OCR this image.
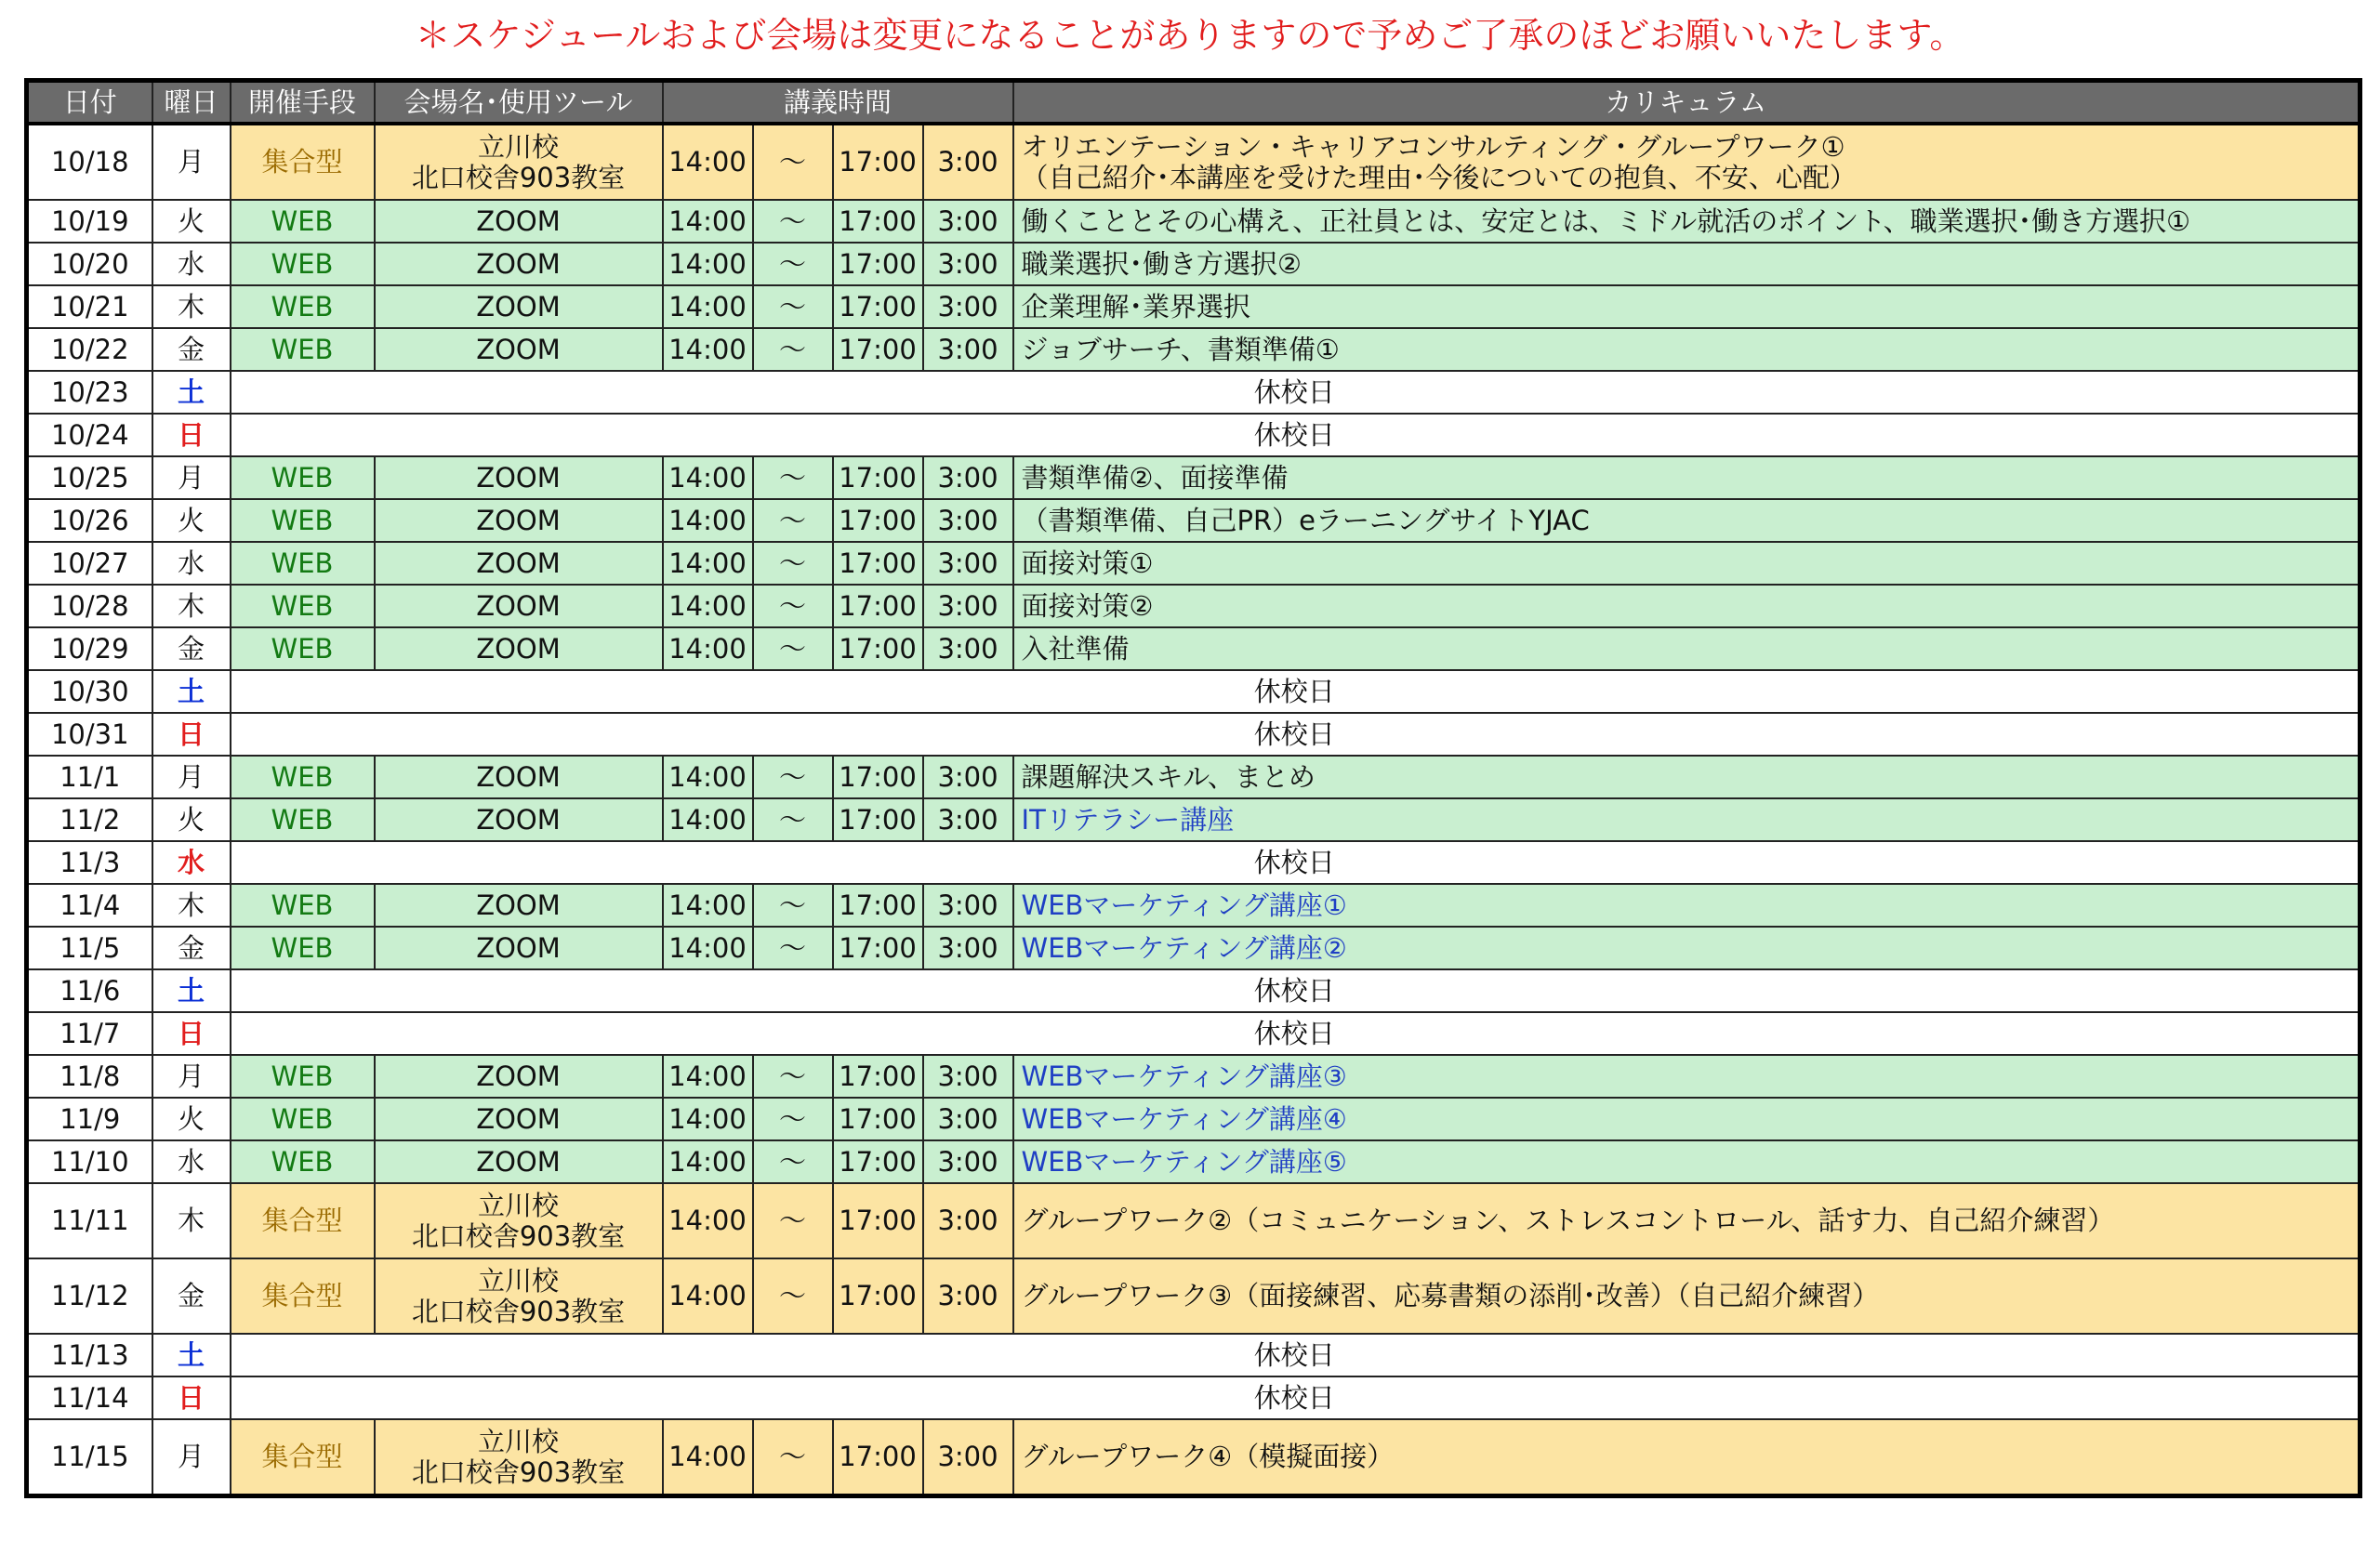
＊スケジュールおよび会場は変更になることがありますので予めご了承のほどお願いいたします。
日付	曜日	開催手段	会場名･使用ツール	講義時間				カリキュラム
10/18	月	集合型	立川校
北口校舎903教室	14:00	～	17:00	3:00	オリエンテーション・キャリアコンサルティング・グループワーク①
（自己紹介･本講座を受けた理由･今後についての抱負、不安、心配）

10/19	火	WEB	ZOOM	14:00	～	17:00	3:00	働くこととその心構え、正社員とは、安定とは、ミドル就活のポイント、職業選択･働き方選択①

10/20	水	WEB	ZOOM	14:00	～	17:00	3:00	職業選択･働き方選択②

10/21	木	WEB	ZOOM	14:00	～	17:00	3:00	企業理解･業界選択

10/22	金	WEB	ZOOM	14:00	～	17:00	3:00	ジョブサーチ、書類準備①

10/23	土	休校日						
10/24	日	休校日						
10/25	月	WEB	ZOOM	14:00	～	17:00	3:00	書類準備②、面接準備

10/26	火	WEB	ZOOM	14:00	～	17:00	3:00	（書類準備、自己PR）eラーニングサイトYJAC

10/27	水	WEB	ZOOM	14:00	～	17:00	3:00	面接対策①

10/28	木	WEB	ZOOM	14:00	～	17:00	3:00	面接対策②

10/29	金	WEB	ZOOM	14:00	～	17:00	3:00	入社準備

10/30	土	休校日						
10/31	日	休校日						
11/1	月	WEB	ZOOM	14:00	～	17:00	3:00	課題解決スキル、まとめ

11/2	火	WEB	ZOOM	14:00	～	17:00	3:00	ITリテラシー講座

11/3	水	休校日						
11/4	木	WEB	ZOOM	14:00	～	17:00	3:00	WEBマーケティング講座①

11/5	金	WEB	ZOOM	14:00	～	17:00	3:00	WEBマーケティング講座②

11/6	土	休校日						
11/7	日	休校日						
11/8	月	WEB	ZOOM	14:00	～	17:00	3:00	WEBマーケティング講座③

11/9	火	WEB	ZOOM	14:00	～	17:00	3:00	WEBマーケティング講座④

11/10	水	WEB	ZOOM	14:00	～	17:00	3:00	WEBマーケティング講座⑤

11/11	木	集合型	立川校
北口校舎903教室	14:00	～	17:00	3:00	グループワーク②（コミュニケーション、ストレスコントロール、話す力、自己紹介練習）

11/12	金	集合型	立川校
北口校舎903教室	14:00	～	17:00	3:00	グループワーク③（面接練習、応募書類の添削･改善）（自己紹介練習）

11/13	土	休校日						
11/14	日	休校日						
11/15	月	集合型	立川校
北口校舎903教室	14:00	～	17:00	3:00	グループワーク④（模擬面接）
